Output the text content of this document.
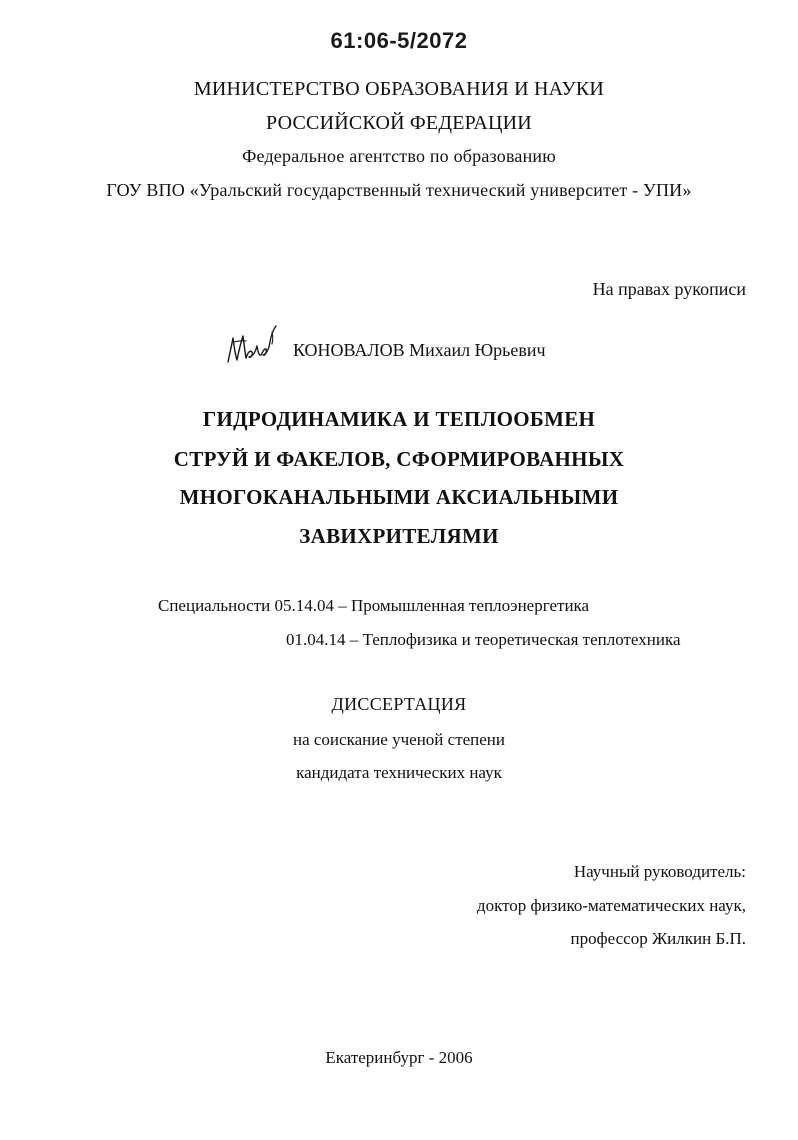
61:06-5/2072
МИНИСТЕРСТВО ОБРАЗОВАНИЯ И НАУКИ
РОССИЙСКОЙ ФЕДЕРАЦИИ
Федеральное агентство по образованию
ГОУ ВПО «Уральский государственный технический университет - УПИ»
На правах рукописи
КОНОВАЛОВ Михаил Юрьевич
ГИДРОДИНАМИКА И ТЕПЛООБМЕН
СТРУЙ И ФАКЕЛОВ, СФОРМИРОВАННЫХ
МНОГОКАНАЛЬНЫМИ АКСИАЛЬНЫМИ
ЗАВИХРИТЕЛЯМИ
Специальности 05.14.04 – Промышленная теплоэнергетика
01.04.14 – Теплофизика и теоретическая теплотехника
ДИССЕРТАЦИЯ
на соискание ученой степени
кандидата технических наук
Научный руководитель:
доктор физико-математических наук,
профессор Жилкин Б.П.
Екатеринбург - 2006
